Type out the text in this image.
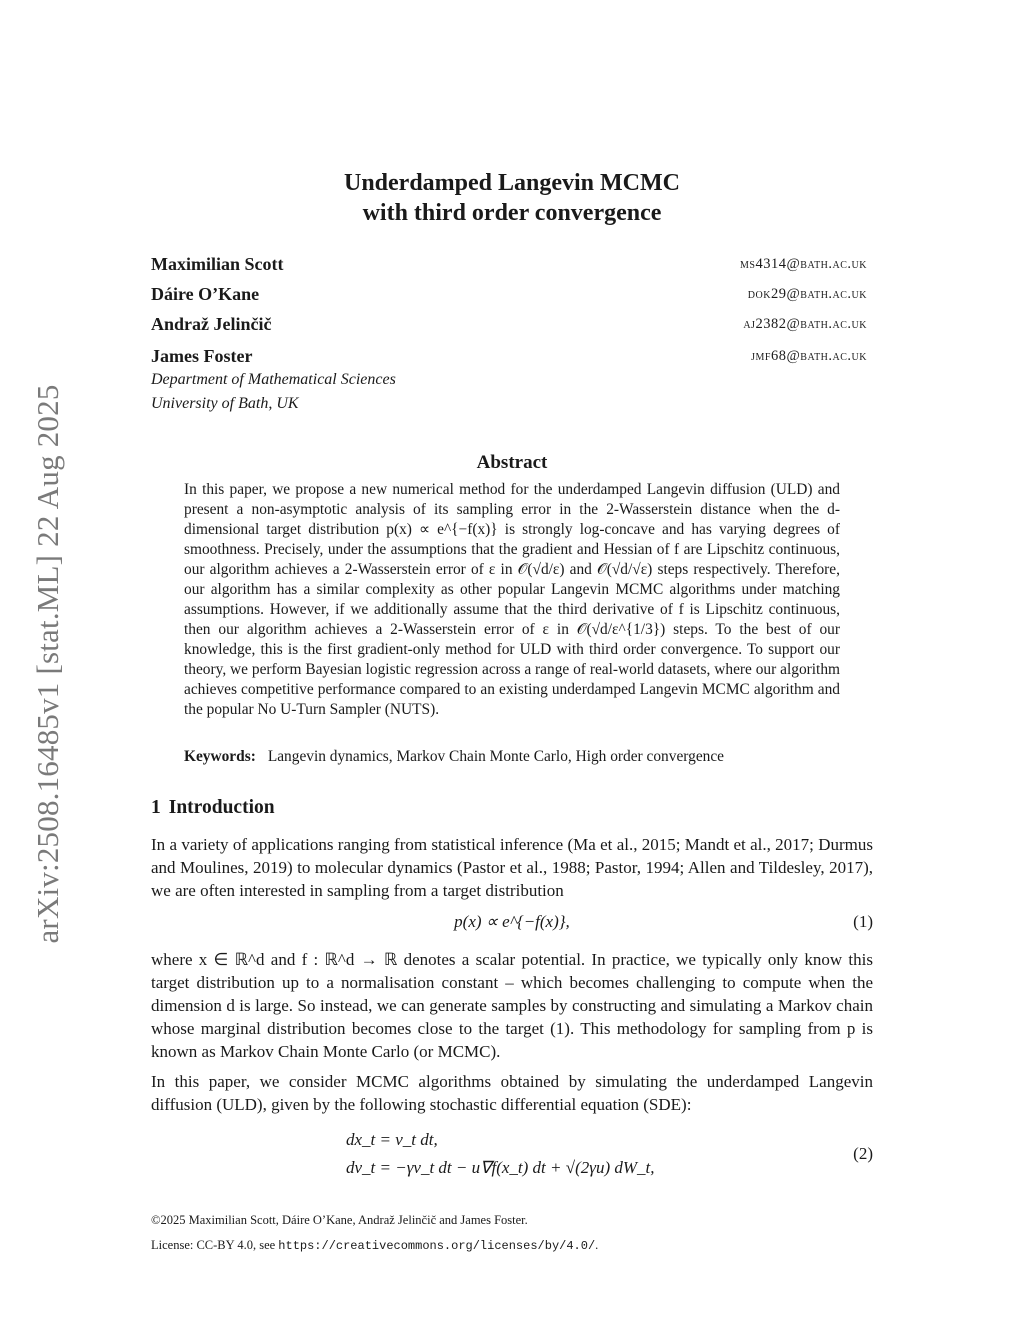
arXiv:2508.16485v1 [stat.ML] 22 Aug 2025
Underdamped Langevin MCMC
with third order convergence
Maximilian Scott	ms4314@bath.ac.uk
Dáire O’Kane	dok29@bath.ac.uk
Andraž Jelinčič	aj2382@bath.ac.uk
James Foster	jmf68@bath.ac.uk
Department of Mathematical Sciences
University of Bath, UK
Abstract

In this paper, we propose a new numerical method for the underdamped Langevin diffusion (ULD) and present a non-asymptotic analysis of its sampling error in the 2-Wasserstein distance when the d-dimensional target distribution p(x) ∝ e^{−f(x)} is strongly log-concave and has varying degrees of smoothness. Precisely, under the assumptions that the gradient and Hessian of f are Lipschitz continuous, our algorithm achieves a 2-Wasserstein error of ε in 𝒪(√d/ε) and 𝒪(√d/√ε) steps respectively. Therefore, our algorithm has a similar complexity as other popular Langevin MCMC algorithms under matching assumptions. However, if we additionally assume that the third derivative of f is Lipschitz continuous, then our algorithm achieves a 2-Wasserstein error of ε in 𝒪(√d/ε^{1/3}) steps. To the best of our knowledge, this is the first gradient-only method for ULD with third order convergence. To support our theory, we perform Bayesian logistic regression across a range of real-world datasets, where our algorithm achieves competitive performance compared to an existing underdamped Langevin MCMC algorithm and the popular No U-Turn Sampler (NUTS).

Keywords: Langevin dynamics, Markov Chain Monte Carlo, High order convergence
1 Introduction

In a variety of applications ranging from statistical inference (Ma et al., 2015; Mandt et al., 2017; Durmus and Moulines, 2019) to molecular dynamics (Pastor et al., 1988; Pastor, 1994; Allen and Tildesley, 2017), we are often interested in sampling from a target distribution

p(x) ∝ e^{−f(x)},	(1)

where x ∈ ℝ^d and f : ℝ^d → ℝ denotes a scalar potential. In practice, we typically only know this target distribution up to a normalisation constant – which becomes challenging to compute when the dimension d is large. So instead, we can generate samples by constructing and simulating a Markov chain whose marginal distribution becomes close to the target (1). This methodology for sampling from p is known as Markov Chain Monte Carlo (or MCMC).

In this paper, we consider MCMC algorithms obtained by simulating the underdamped Langevin diffusion (ULD), given by the following stochastic differential equation (SDE):

dx_t = v_t dt,
dv_t = −γv_t dt − u∇f(x_t) dt + √(2γu) dW_t,
(2)
©2025 Maximilian Scott, Dáire O’Kane, Andraž Jelinčič and James Foster.
License: CC-BY 4.0, see https://creativecommons.org/licenses/by/4.0/.
